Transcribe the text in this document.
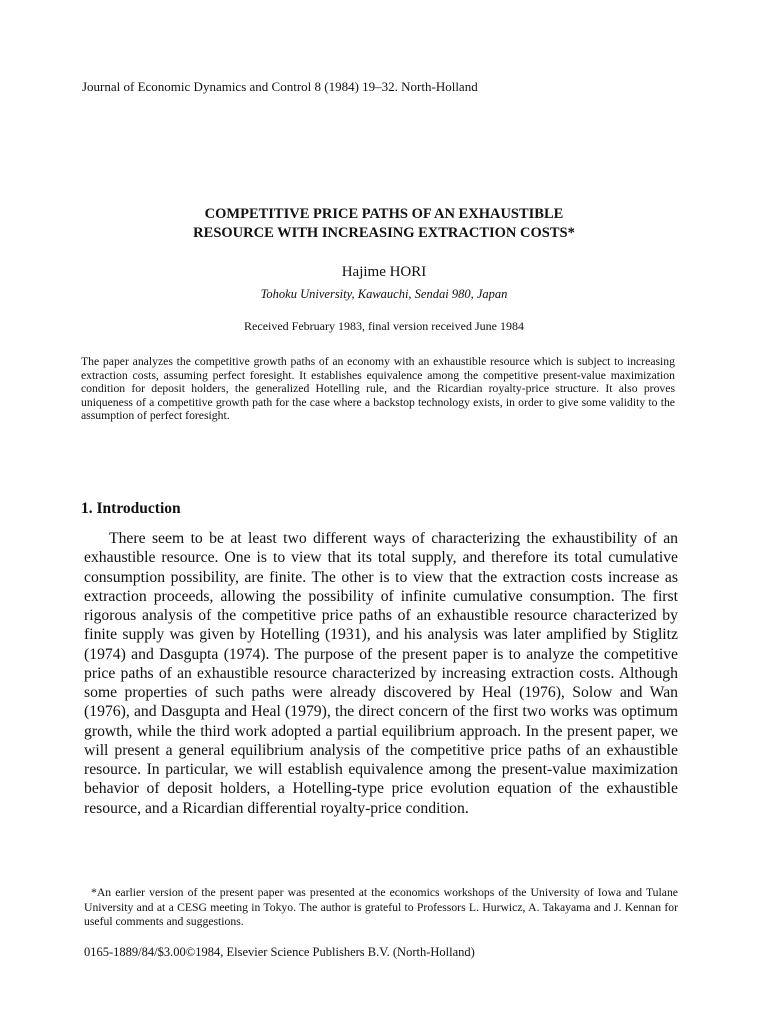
Journal of Economic Dynamics and Control 8 (1984) 19–32. North-Holland
COMPETITIVE PRICE PATHS OF AN EXHAUSTIBLE
RESOURCE WITH INCREASING EXTRACTION COSTS*
Hajime HORI
Tohoku University, Kawauchi, Sendai 980, Japan
Received February 1983, final version received June 1984
The paper analyzes the competitive growth paths of an economy with an exhaustible resource which is subject to increasing extraction costs, assuming perfect foresight. It establishes equivalence among the competitive present-value maximization condition for deposit holders, the generalized Hotelling rule, and the Ricardian royalty-price structure. It also proves uniqueness of a competitive growth path for the case where a backstop technology exists, in order to give some validity to the assumption of perfect foresight.
1. Introduction
There seem to be at least two different ways of characterizing the exhaustibility of an exhaustible resource. One is to view that its total supply, and therefore its total cumulative consumption possibility, are finite. The other is to view that the extraction costs increase as extraction proceeds, allowing the possibility of infinite cumulative consumption. The first rigorous analysis of the competitive price paths of an exhaustible resource characterized by finite supply was given by Hotelling (1931), and his analysis was later amplified by Stiglitz (1974) and Dasgupta (1974). The purpose of the present paper is to analyze the competitive price paths of an exhaustible resource characterized by increasing extraction costs. Although some properties of such paths were already discovered by Heal (1976), Solow and Wan (1976), and Dasgupta and Heal (1979), the direct concern of the first two works was optimum growth, while the third work adopted a partial equilibrium approach. In the present paper, we will present a general equilibrium analysis of the competitive price paths of an exhaustible resource. In particular, we will establish equivalence among the present-value maximization behavior of deposit holders, a Hotelling-type price evolution equation of the exhaustible resource, and a Ricardian differential royalty-price condition.
*An earlier version of the present paper was presented at the economics workshops of the University of Iowa and Tulane University and at a CESG meeting in Tokyo. The author is grateful to Professors L. Hurwicz, A. Takayama and J. Kennan for useful comments and suggestions.
0165-1889/84/$3.00©1984, Elsevier Science Publishers B.V. (North-Holland)
